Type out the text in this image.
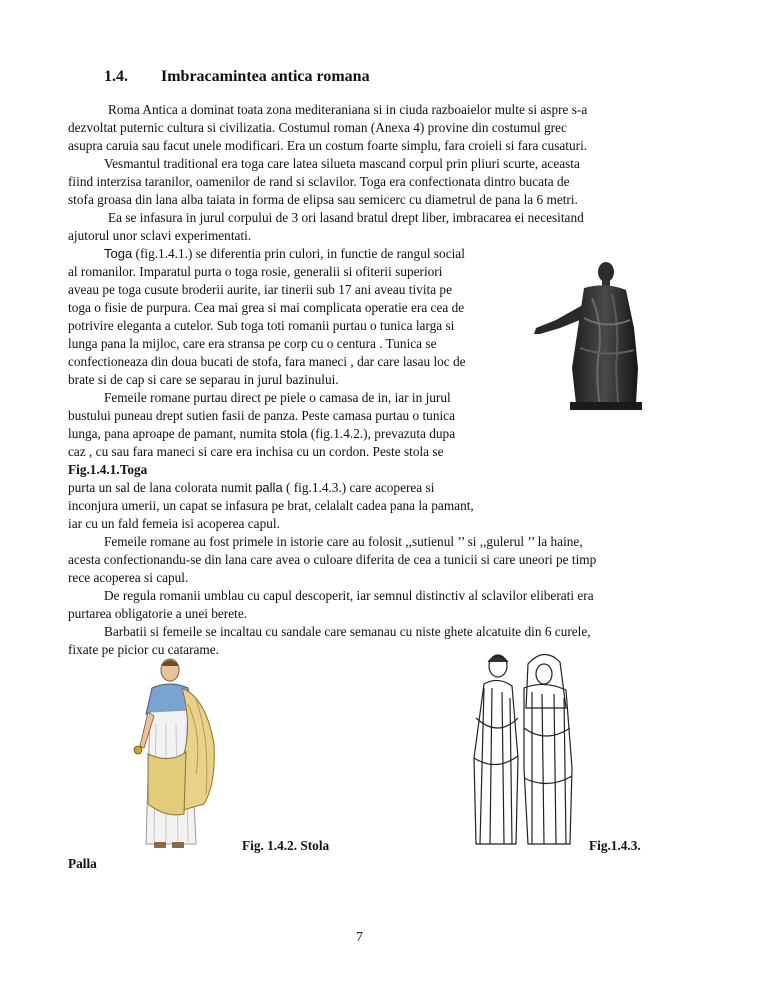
1.4. Imbracamintea antica romana
Roma Antica a dominat toata zona mediteraniana si in ciuda razboaielor multe si aspre s-a
dezvoltat puternic cultura si civilizatia. Costumul roman (Anexa 4) provine din costumul grec
asupra caruia sau facut unele modificari. Era un costum foarte simplu, fara croieli si fara cusaturi.
Vesmantul traditional era toga care latea silueta mascand corpul prin pliuri scurte, aceasta
fiind interzisa taranilor, oamenilor de rand si sclavilor. Toga era confectionata dintro bucata de
stofa groasa din lana alba taiata in forma de elipsa sau semicerc cu diametrul de pana la 6 metri.
Ea se infasura in jurul corpului de 3 ori lasand bratul drept liber, imbracarea ei necesitand
ajutorul unor sclavi experimentati.
Toga (fig.1.4.1.) se diferentia prin culori, in functie de rangul social
al romanilor. Imparatul purta o toga rosie, generalii si ofiterii superiori
aveau pe toga cusute broderii aurite, iar tinerii sub 17 ani aveau tivita pe
toga o fisie de purpura. Cea mai grea si mai complicata operatie era cea de
potrivire eleganta a cutelor. Sub toga toti romanii purtau o tunica larga si
lunga pana la mijloc, care era stransa pe corp cu o centura . Tunica se
confectioneaza din doua bucati de stofa, fara maneci , dar care lasau loc de
brate si de cap si care se separau in jurul bazinului.
Femeile romane purtau direct pe piele o camasa de in, iar in jurul
bustului puneau drept sutien fasii de panza. Peste camasa purtau o tunica
lunga, pana aproape de pamant, numita stola (fig.1.4.2.), prevazuta dupa
caz , cu sau fara maneci si care era inchisa cu un cordon. Peste stola se
Fig.1.4.1.Toga
purta un sal de lana colorata numit palla ( fig.1.4.3.) care acoperea si
inconjura umerii, un capat se infasura pe brat, celalalt cadea pana la pamant,
iar cu un fald femeia isi acoperea capul.
Femeile romane au fost primele in istorie care au folosit ,,sutienul ’’ si ,,gulerul ’’ la haine,
acesta confectionandu-se din lana care avea o culoare diferita de cea a tunicii si care uneori pe timp
rece acoperea si capul.
De regula romanii umblau cu capul descoperit, iar semnul distinctiv al sclavilor eliberati era
purtarea obligatorie a unei berete.
Barbatii si femeile se incaltau cu sandale care semanau cu niste ghete alcatuite din 6 curele,
fixate pe picior cu catarame.
Fig. 1.4.2. Stola	Fig.1.4.3.
Palla
7
